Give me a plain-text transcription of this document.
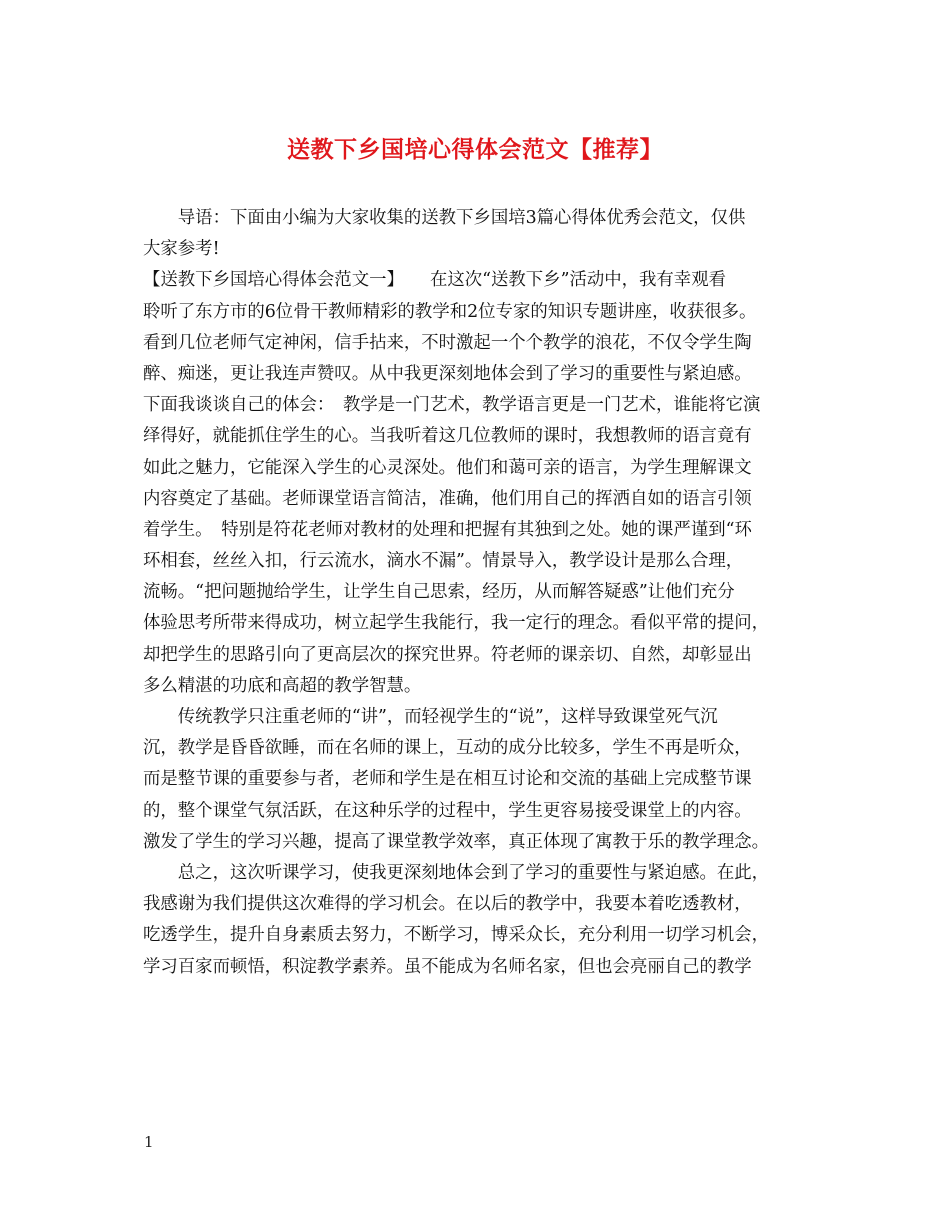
送教下乡国培心得体会范文【推荐】
　　导语：下面由小编为大家收集的送教下乡国培3篇心得体优秀会范文，仅供
大家参考!
【送教下乡国培心得体会范文一】　　在这次“送教下乡”活动中，我有幸观看
聆听了东方市的6位骨干教师精彩的教学和2位专家的知识专题讲座，收获很多。
看到几位老师气定神闲，信手拈来，不时激起一个个教学的浪花，不仅令学生陶
醉、痴迷，更让我连声赞叹。从中我更深刻地体会到了学习的重要性与紧迫感。
下面我谈谈自己的体会：　教学是一门艺术，教学语言更是一门艺术，谁能将它演
绎得好，就能抓住学生的心。当我听着这几位教师的课时，我想教师的语言竟有
如此之魅力，它能深入学生的心灵深处。他们和蔼可亲的语言，为学生理解课文
内容奠定了基础。老师课堂语言简洁，准确，他们用自己的挥洒自如的语言引领
着学生。　特别是符花老师对教材的处理和把握有其独到之处。她的课严谨到“环
环相套，丝丝入扣，行云流水，滴水不漏”。情景导入，教学设计是那么合理，
流畅。“把问题抛给学生，让学生自己思索，经历，从而解答疑惑”让他们充分
体验思考所带来得成功，树立起学生我能行，我一定行的理念。看似平常的提问，
却把学生的思路引向了更高层次的探究世界。符老师的课亲切、自然，却彰显出
多么精湛的功底和高超的教学智慧。
　　传统教学只注重老师的“讲”，而轻视学生的“说”，这样导致课堂死气沉
沉，教学是昏昏欲睡，而在名师的课上，互动的成分比较多，学生不再是听众，
而是整节课的重要参与者，老师和学生是在相互讨论和交流的基础上完成整节课
的，整个课堂气氛活跃，在这种乐学的过程中，学生更容易接受课堂上的内容。
激发了学生的学习兴趣，提高了课堂教学效率，真正体现了寓教于乐的教学理念。
　　总之，这次听课学习，使我更深刻地体会到了学习的重要性与紧迫感。在此，
我感谢为我们提供这次难得的学习机会。在以后的教学中，我要本着吃透教材，
吃透学生，提升自身素质去努力，不断学习，博采众长，充分利用一切学习机会，
学习百家而顿悟，积淀教学素养。虽不能成为名师名家，但也会亮丽自己的教学
1
